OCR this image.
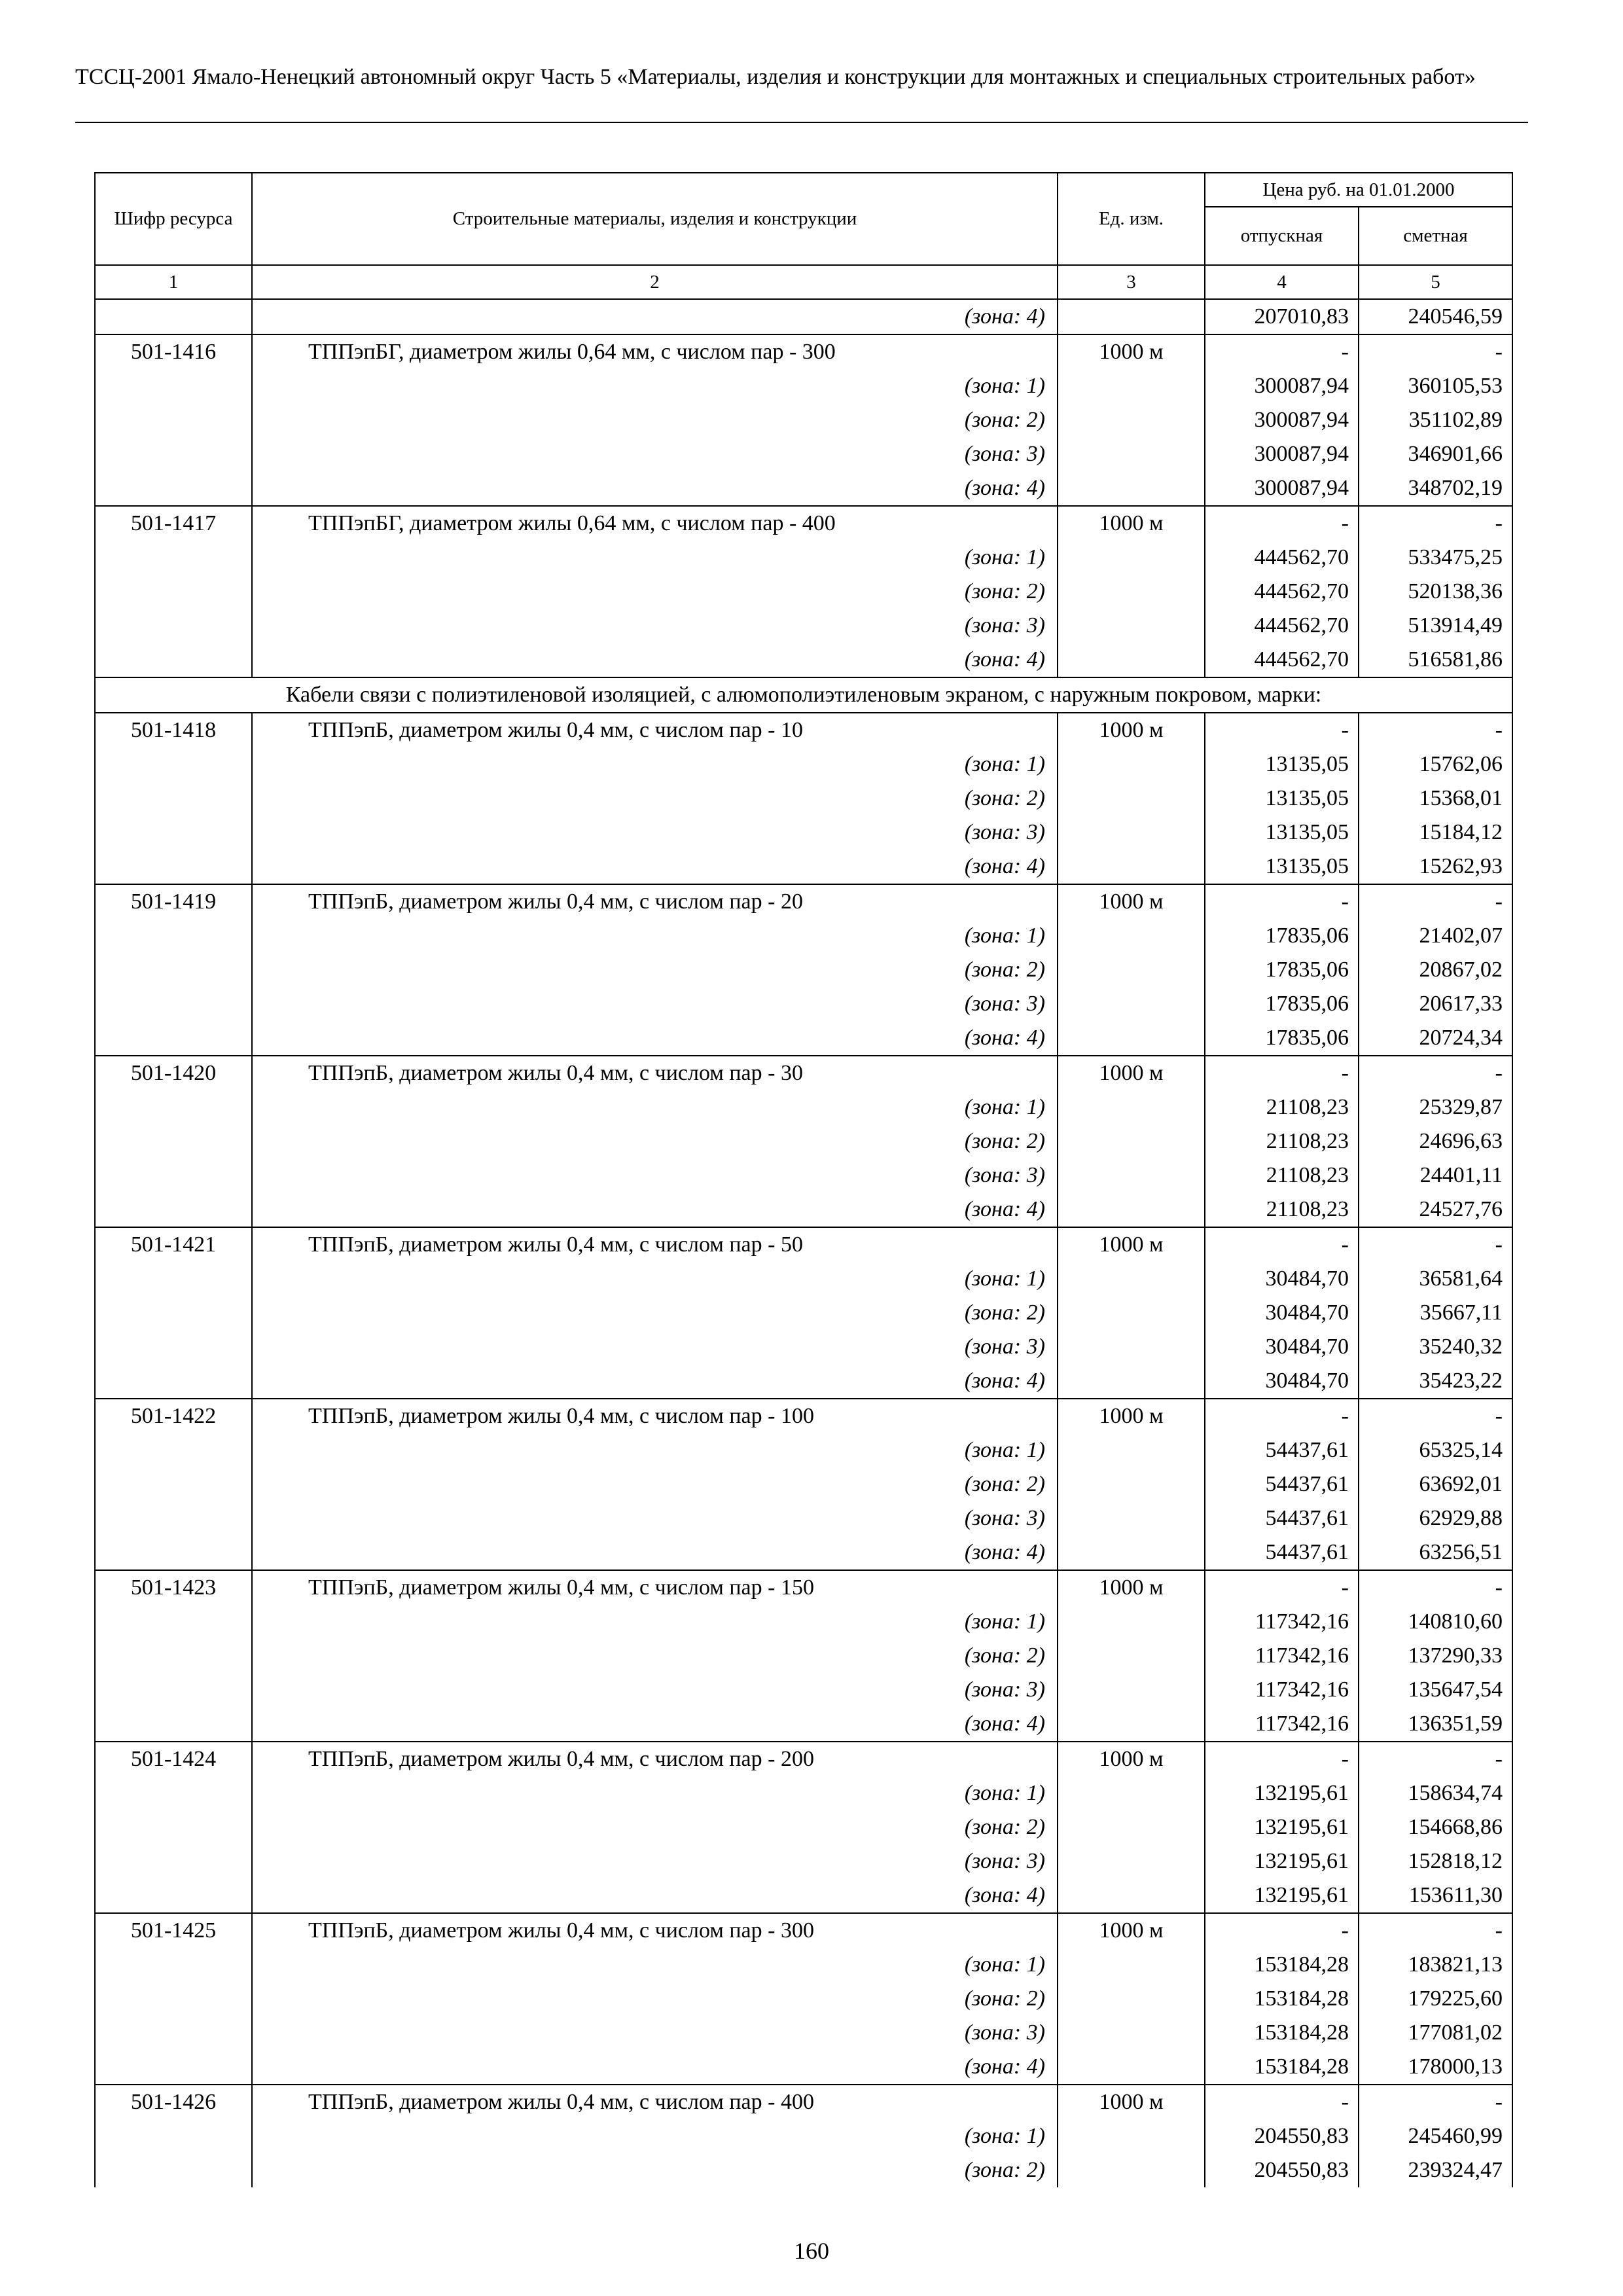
ТССЦ-2001 Ямало-Ненецкий автономный округ Часть 5 «Материалы, изделия и конструкции для монтажных и специальных строительных работ»
Шифр ресурса	Строительные материалы, изделия и конструкции	Ед. изм.	Цена руб. на 01.01.2000	
			отпускная	сметная
1	2	3	4	5
	(зона: 4)		207010,83	240546,59
501-1416	ТППэпБГ, диаметром жилы 0,64 мм, с числом пар - 300	1000 м	-	-
	(зона: 1)		300087,94	360105,53
	(зона: 2)		300087,94	351102,89
	(зона: 3)		300087,94	346901,66
	(зона: 4)		300087,94	348702,19
501-1417	ТППэпБГ, диаметром жилы 0,64 мм, с числом пар - 400	1000 м	-	-
	(зона: 1)		444562,70	533475,25
	(зона: 2)		444562,70	520138,36
	(зона: 3)		444562,70	513914,49
	(зона: 4)		444562,70	516581,86
Кабели связи с полиэтиленовой изоляцией, с алюмополиэтиленовым экраном, с наружным покровом, марки:				
501-1418	ТППэпБ, диаметром жилы 0,4 мм, с числом пар - 10	1000 м	-	-
	(зона: 1)		13135,05	15762,06
	(зона: 2)		13135,05	15368,01
	(зона: 3)		13135,05	15184,12
	(зона: 4)		13135,05	15262,93
501-1419	ТППэпБ, диаметром жилы 0,4 мм, с числом пар - 20	1000 м	-	-
	(зона: 1)		17835,06	21402,07
	(зона: 2)		17835,06	20867,02
	(зона: 3)		17835,06	20617,33
	(зона: 4)		17835,06	20724,34
501-1420	ТППэпБ, диаметром жилы 0,4 мм, с числом пар - 30	1000 м	-	-
	(зона: 1)		21108,23	25329,87
	(зона: 2)		21108,23	24696,63
	(зона: 3)		21108,23	24401,11
	(зона: 4)		21108,23	24527,76
501-1421	ТППэпБ, диаметром жилы 0,4 мм, с числом пар - 50	1000 м	-	-
	(зона: 1)		30484,70	36581,64
	(зона: 2)		30484,70	35667,11
	(зона: 3)		30484,70	35240,32
	(зона: 4)		30484,70	35423,22
501-1422	ТППэпБ, диаметром жилы 0,4 мм, с числом пар - 100	1000 м	-	-
	(зона: 1)		54437,61	65325,14
	(зона: 2)		54437,61	63692,01
	(зона: 3)		54437,61	62929,88
	(зона: 4)		54437,61	63256,51
501-1423	ТППэпБ, диаметром жилы 0,4 мм, с числом пар - 150	1000 м	-	-
	(зона: 1)		117342,16	140810,60
	(зона: 2)		117342,16	137290,33
	(зона: 3)		117342,16	135647,54
	(зона: 4)		117342,16	136351,59
501-1424	ТППэпБ, диаметром жилы 0,4 мм, с числом пар - 200	1000 м	-	-
	(зона: 1)		132195,61	158634,74
	(зона: 2)		132195,61	154668,86
	(зона: 3)		132195,61	152818,12
	(зона: 4)		132195,61	153611,30
501-1425	ТППэпБ, диаметром жилы 0,4 мм, с числом пар - 300	1000 м	-	-
	(зона: 1)		153184,28	183821,13
	(зона: 2)		153184,28	179225,60
	(зона: 3)		153184,28	177081,02
	(зона: 4)		153184,28	178000,13
501-1426	ТППэпБ, диаметром жилы 0,4 мм, с числом пар - 400	1000 м	-	-
	(зона: 1)		204550,83	245460,99
	(зона: 2)		204550,83	239324,47
160
